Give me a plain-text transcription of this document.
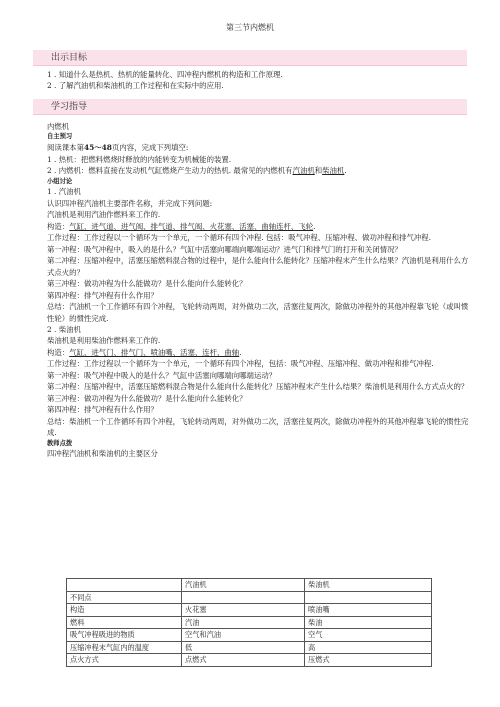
第三节内燃机
出示目标

1 . 知道什么是热机、热机的能量转化、四冲程内燃机的构造和工作原理.

2 . 了解汽油机和柴油机的工作过程和在实际中的应用.

学习指导

内燃机

自主预习

阅读课本第45～48页内容，完成下列填空:

1 . 热机：把燃料燃烧时释放的内能转变为机械能的装置.

2 . 内燃机：燃料直接在发动机气缸燃烧产生动力的热机. 最常见的内燃机有汽油机和柴油机.

小组讨论

1 . 汽油机

认识四冲程汽油机主要部件名称，并完成下列问题:

汽油机是利用汽油作燃料来工作的.

构造：气缸、进气道、进气阀、排气道、排气阀、火花塞、活塞、曲轴连杆、飞轮.

工作过程：工作过程以一个循环为一个单元，一个循环有四个冲程. 包括：吸气冲程、压缩冲程、做功冲程和排气冲程.

第一冲程：吸气冲程中，吸入的是什么？气缸中活塞向哪端向哪端运动？进气门和排气门的打开和关闭情况？

第二冲程：压缩冲程中，活塞压缩燃料混合物的过程中，是什么能向什么能转化？压缩冲程末产生什么结果？汽油机是利用什么方式点火的？

第三冲程：做功冲程为什么能做功？是什么能向什么能转化？

第四冲程：排气冲程有什么作用？

总结：汽油机一个工作循环有四个冲程，飞轮转动两周，对外做功二次，活塞往复两次，除做功冲程外的其他冲程靠飞轮（或叫惯性轮）的惯性完成.

2 . 柴油机

柴油机是利用柴油作燃料来工作的.

构造：气缸、进气门、排气门、喷油嘴、活塞、连杆、曲轴.

工作过程：工作过程以一个循环为一个单元，一个循环有四个冲程，包括：吸气冲程、压缩冲程、做功冲程和排气冲程.

第一冲程：吸气冲程中吸入的是什么？气缸中活塞向哪端向哪端运动？

第二冲程：压缩冲程中，活塞压缩燃料混合物是什么能向什么能转化？压缩冲程末产生什么结果？柴油机是利用什么方式点火的？

第三冲程：做功冲程为什么能做功？是什么能向什么能转化？

第四冲程：排气冲程有什么作用？

总结：柴油机一个工作循环有四个冲程，飞轮转动两周，对外做功二次，活塞往复两次，除做功冲程外的其他冲程靠飞轮的惯性完成.

教师点拨

四冲程汽油机和柴油机的主要区分

	汽油机	柴油机
不同点		
构造	火花塞	喷油嘴
燃料	汽油	柴油
吸气冲程吸进的物质	空气和汽油	空气
压缩冲程末气缸内的温度	低	高
点火方式	点燃式	压燃式
